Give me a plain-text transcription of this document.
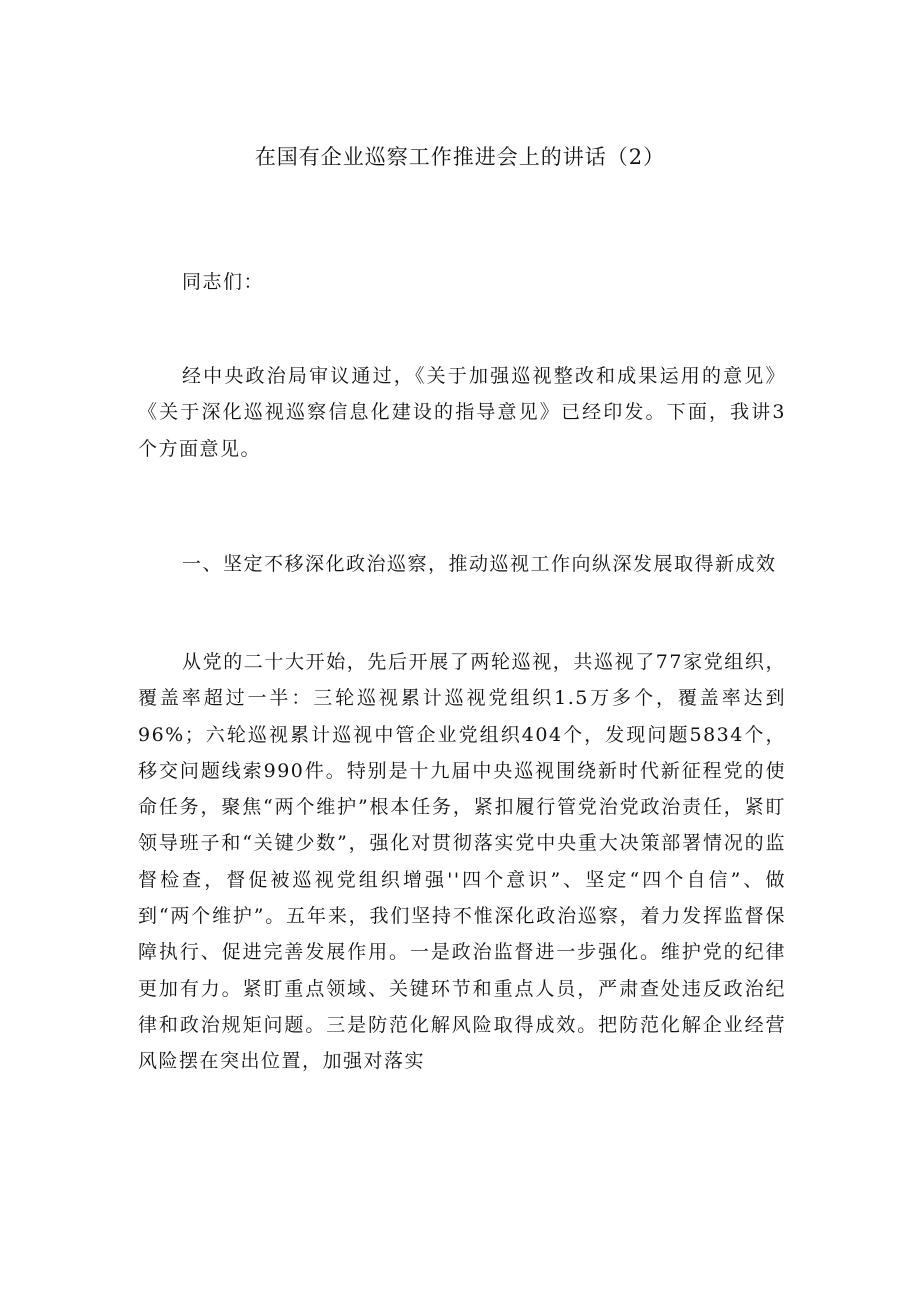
在国有企业巡察工作推进会上的讲话（2）

同志们：

经中央政治局审议通过，《关于加强巡视整改和成果运用的意见》《关于深化巡视巡察信息化建设的指导意见》已经印发。下面，我讲3个方面意见。

一、坚定不移深化政治巡察，推动巡视工作向纵深发展取得新成效

从党的二十大开始，先后开展了两轮巡视，共巡视了77家党组织，覆盖率超过一半：三轮巡视累计巡视党组织1.5万多个，覆盖率达到96%；六轮巡视累计巡视中管企业党组织404个，发现问题5834个，移交问题线索990件。特别是十九届中央巡视围绕新时代新征程党的使命任务，聚焦“两个维护”根本任务，紧扣履行管党治党政治责任，紧盯领导班子和“关键少数”，强化对贯彻落实党中央重大决策部署情况的监督检查，督促被巡视党组织增强''四个意识”、坚定“四个自信”、做到“两个维护”。五年来，我们坚持不惟深化政治巡察，着力发挥监督保障执行、促进完善发展作用。一是政治监督进一步强化。维护党的纪律更加有力。紧盯重点领域、关键环节和重点人员，严肃查处违反政治纪律和政治规矩问题。三是防范化解风险取得成效。把防范化解企业经营风险摆在突出位置，加强对落实
